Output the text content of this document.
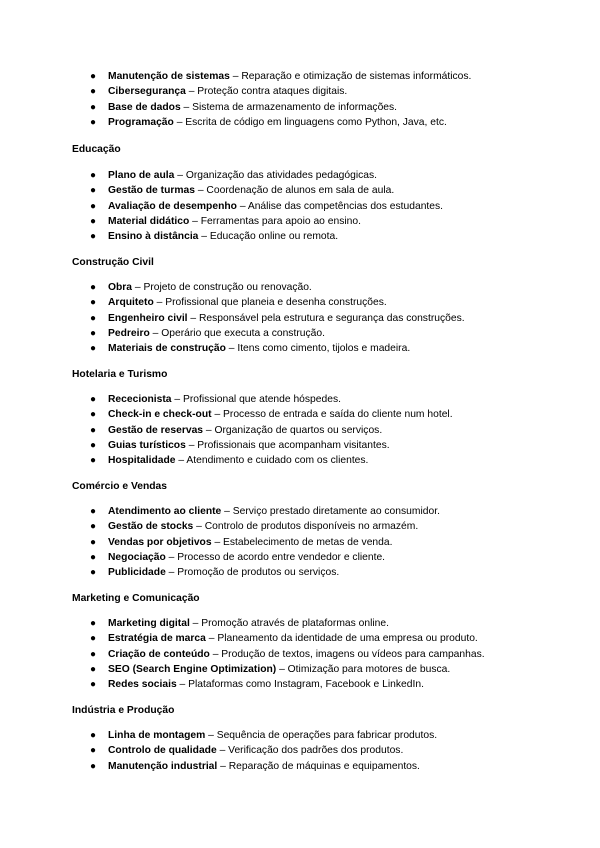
● Manutenção de sistemas – Reparação e otimização de sistemas informáticos.
● Cibersegurança – Proteção contra ataques digitais.
● Base de dados – Sistema de armazenamento de informações.
● Programação – Escrita de código em linguagens como Python, Java, etc.

Educação

● Plano de aula – Organização das atividades pedagógicas.
● Gestão de turmas – Coordenação de alunos em sala de aula.
● Avaliação de desempenho – Análise das competências dos estudantes.
● Material didático – Ferramentas para apoio ao ensino.
● Ensino à distância – Educação online ou remota.

Construção Civil

● Obra – Projeto de construção ou renovação.
● Arquiteto – Profissional que planeia e desenha construções.
● Engenheiro civil – Responsável pela estrutura e segurança das construções.
● Pedreiro – Operário que executa a construção.
● Materiais de construção – Itens como cimento, tijolos e madeira.

Hotelaria e Turismo

● Rececionista – Profissional que atende hóspedes.
● Check-in e check-out – Processo de entrada e saída do cliente num hotel.
● Gestão de reservas – Organização de quartos ou serviços.
● Guias turísticos – Profissionais que acompanham visitantes.
● Hospitalidade – Atendimento e cuidado com os clientes.

Comércio e Vendas

● Atendimento ao cliente – Serviço prestado diretamente ao consumidor.
● Gestão de stocks – Controlo de produtos disponíveis no armazém.
● Vendas por objetivos – Estabelecimento de metas de venda.
● Negociação – Processo de acordo entre vendedor e cliente.
● Publicidade – Promoção de produtos ou serviços.

Marketing e Comunicação

● Marketing digital – Promoção através de plataformas online.
● Estratégia de marca – Planeamento da identidade de uma empresa ou produto.
● Criação de conteúdo – Produção de textos, imagens ou vídeos para campanhas.
● SEO (Search Engine Optimization) – Otimização para motores de busca.
● Redes sociais – Plataformas como Instagram, Facebook e LinkedIn.

Indústria e Produção

● Linha de montagem – Sequência de operações para fabricar produtos.
● Controlo de qualidade – Verificação dos padrões dos produtos.
● Manutenção industrial – Reparação de máquinas e equipamentos.
